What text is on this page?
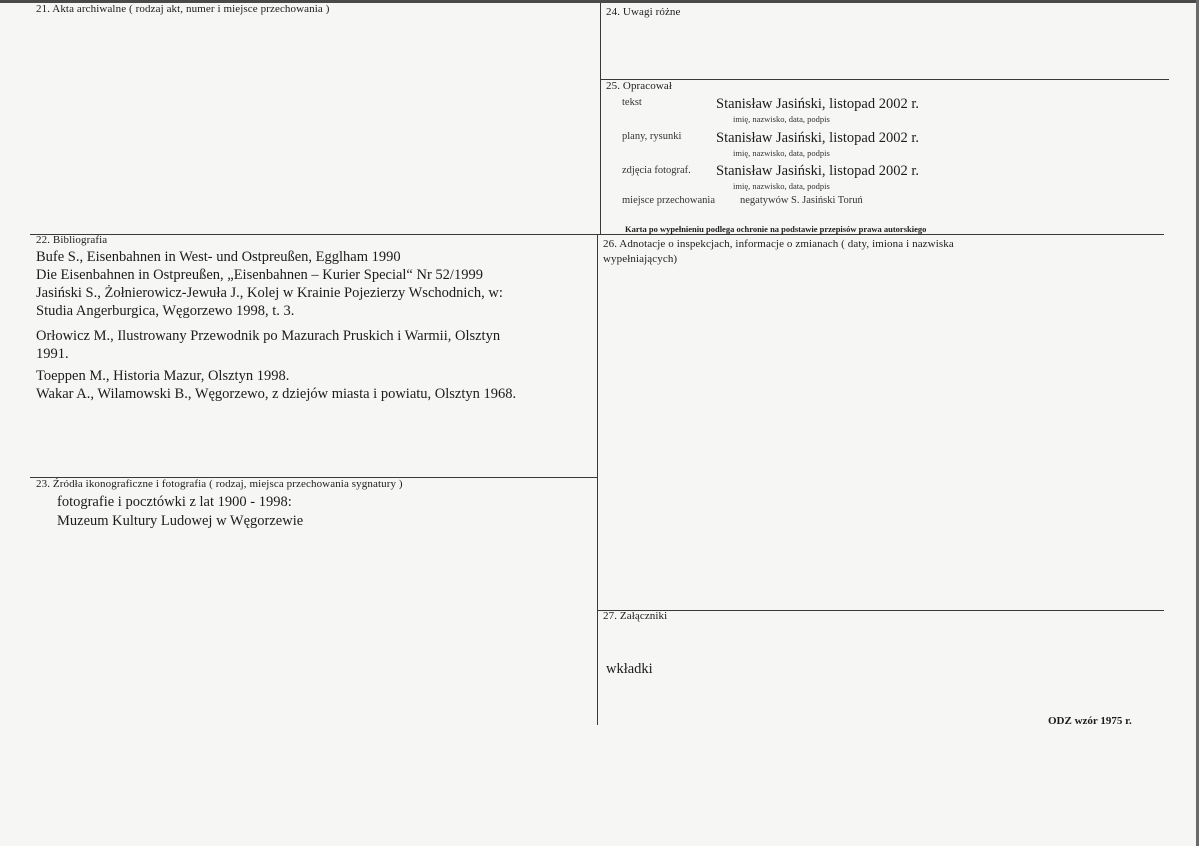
21. Akta archiwalne ( rodzaj akt, numer i miejsce przechowania )	24. Uwagi różne
25. Opracował
tekst	Stanisław Jasiński, listopad 2002 r.
imię, nazwisko, data, podpis
plany, rysunki Stanisław Jasiński, listopad 2002 r.
imię, nazwisko, data, podpis
zdjęcia fotograf. Stanisław Jasiński, listopad 2002 r.
imię, nazwisko, data, podpis
miejsce przechowania negatywów S. Jasiński Toruń
Karta po wypełnieniu podlega ochronie na podstawie przepisów prawa autorskiego
22. Bibliografia
Bufe S., Eisenbahnen in West- und Ostpreußen, Egglham 1990
Die Eisenbahnen in Ostpreußen, „Eisenbahnen – Kurier Special“ Nr 52/1999
Jasiński S., Żołnierowicz-Jewuła J., Kolej w Krainie Pojezierzy Wschodnich, w:
Studia Angerburgica, Węgorzewo 1998, t. 3.
Orłowicz M., Ilustrowany Przewodnik po Mazurach Pruskich i Warmii, Olsztyn
1991.
Toeppen M., Historia Mazur, Olsztyn 1998.
Wakar A., Wilamowski B., Węgorzewo, z dziejów miasta i powiatu, Olsztyn 1968.
26. Adnotacje o inspekcjach, informacje o zmianach ( daty, imiona i nazwiska
wypełniających)
23. Źródła ikonograficzne i fotografia ( rodzaj, miejsca przechowania sygnatury )
fotografie i pocztówki z lat 1900 - 1998:
Muzeum Kultury Ludowej w Węgorzewie
27. Załączniki
wkładki
ODZ wzór 1975 r.
